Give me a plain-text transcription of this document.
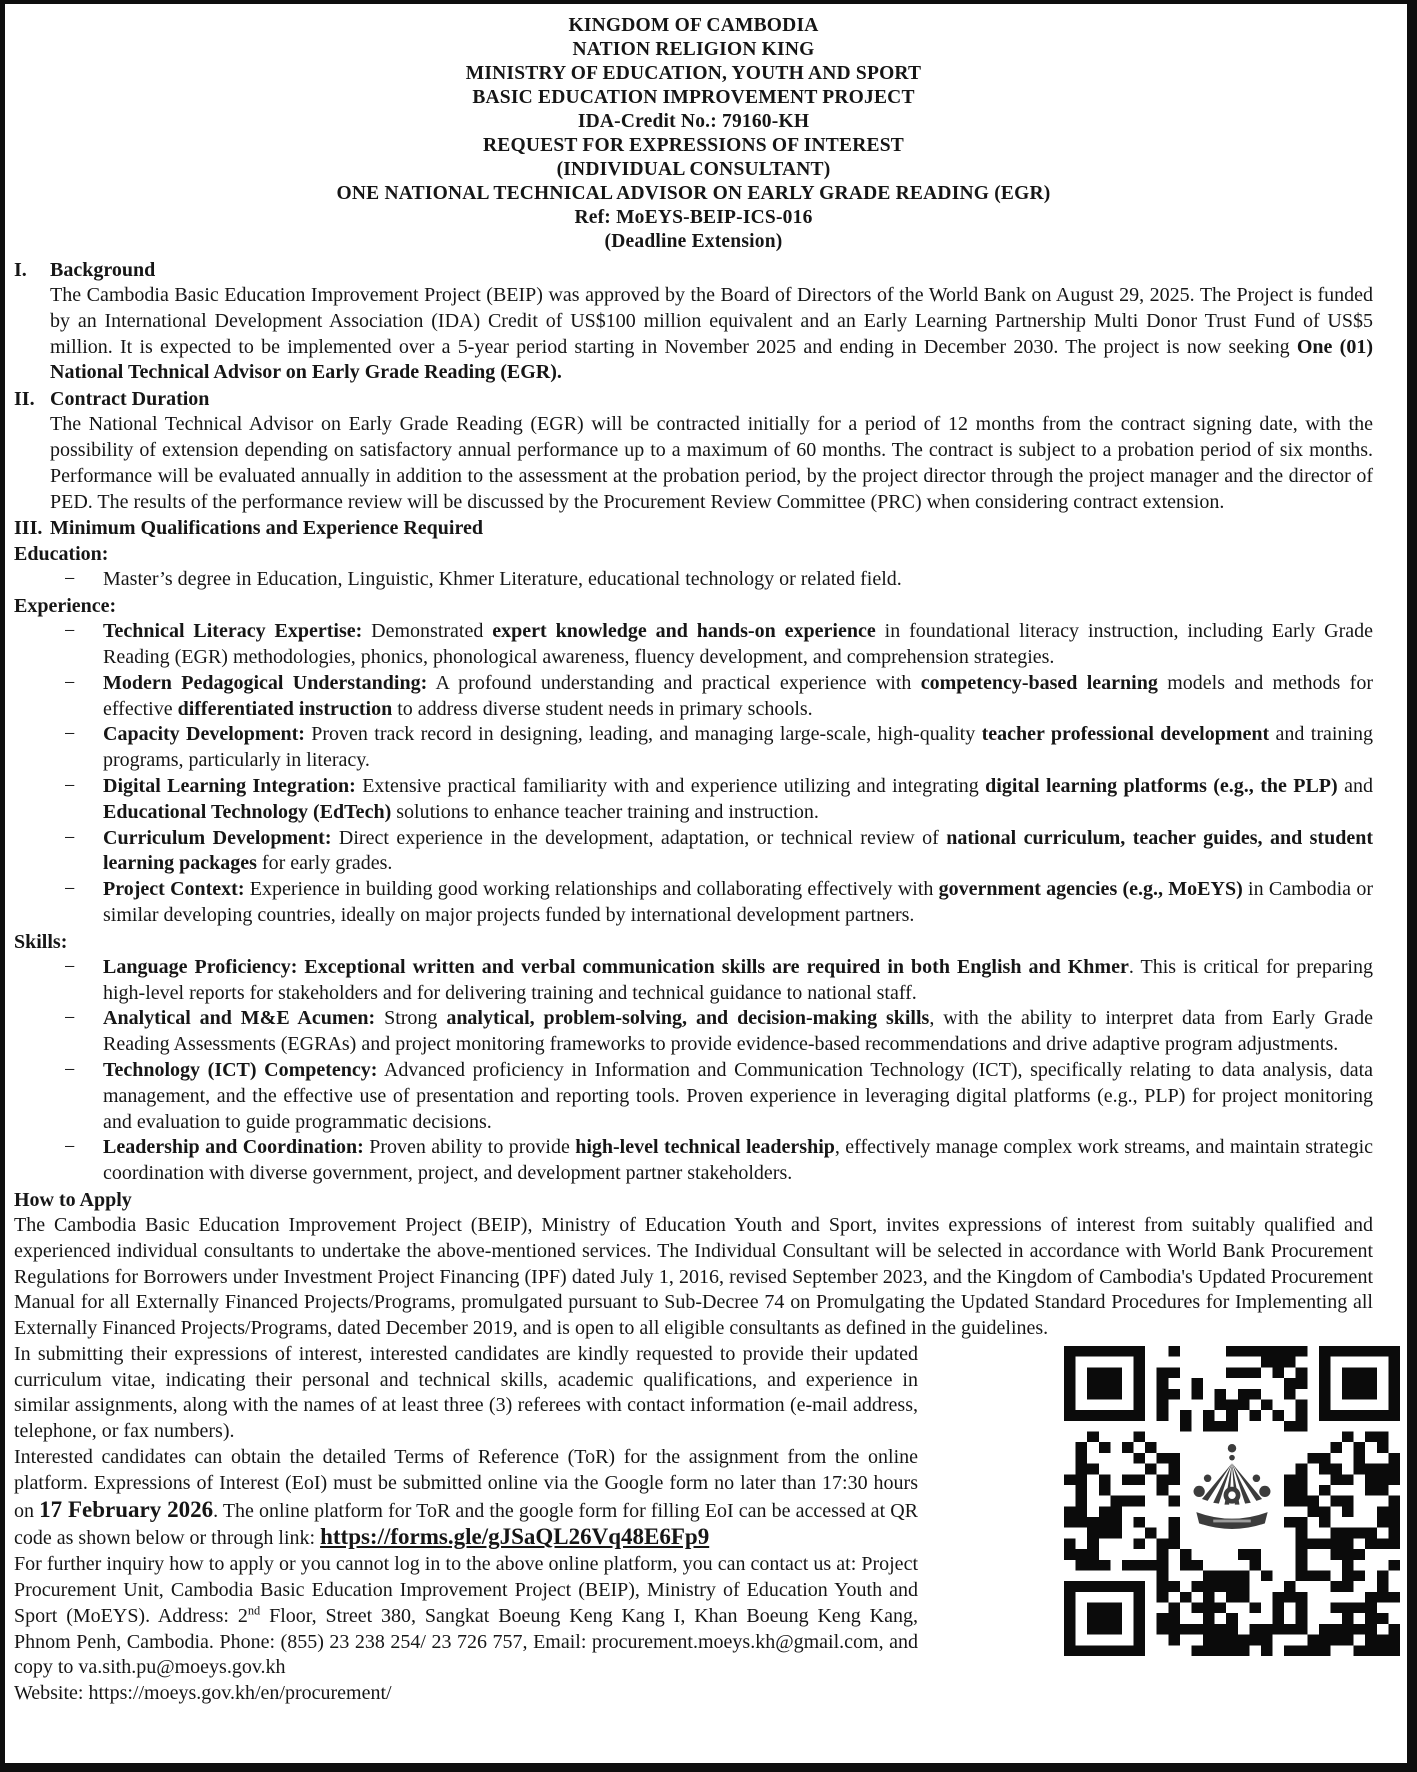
KINGDOM OF CAMBODIA
NATION RELIGION KING
MINISTRY OF EDUCATION, YOUTH AND SPORT
BASIC EDUCATION IMPROVEMENT PROJECT
IDA-Credit No.: 79160-KH
REQUEST FOR EXPRESSIONS OF INTEREST
(INDIVIDUAL CONSULTANT)
ONE NATIONAL TECHNICAL ADVISOR ON EARLY GRADE READING (EGR)
Ref: MoEYS-BEIP-ICS-016
(Deadline Extension)
I.	Background

The Cambodia Basic Education Improvement Project (BEIP) was approved by the Board of Directors of the World Bank on August 29, 2025. The Project is funded by an International Development Association (IDA) Credit of US$100 million equivalent and an Early Learning Partnership Multi Donor Trust Fund of US$5 million. It is expected to be implemented over a 5-year period starting in November 2025 and ending in December 2030. The project is now seeking One (01) National Technical Advisor on Early Grade Reading (EGR).

II. Contract Duration

The National Technical Advisor on Early Grade Reading (EGR) will be contracted initially for a period of 12 months from the contract signing date, with the possibility of extension depending on satisfactory annual performance up to a maximum of 60 months. The contract is subject to a probation period of six months. Performance will be evaluated annually in addition to the assessment at the probation period, by the project director through the project manager and the director of PED. The results of the performance review will be discussed by the Procurement Review Committee (PRC) when considering contract extension.

III. Minimum Qualifications and Experience Required
Education:
−	Master’s degree in Education, Linguistic, Khmer Literature, educational technology or related field.
Experience:
−	Technical Literacy Expertise: Demonstrated expert knowledge and hands-on experience in foundational literacy instruction, including Early Grade Reading (EGR) methodologies, phonics, phonological awareness, fluency development, and comprehension strategies.
−	Modern Pedagogical Understanding: A profound understanding and practical experience with competency-based learning models and methods for effective differentiated instruction to address diverse student needs in primary schools.
−	Capacity Development: Proven track record in designing, leading, and managing large-scale, high-quality teacher professional development and training programs, particularly in literacy.
−	Digital Learning Integration: Extensive practical familiarity with and experience utilizing and integrating digital learning platforms (e.g., the PLP) and Educational Technology (EdTech) solutions to enhance teacher training and instruction.
−	Curriculum Development: Direct experience in the development, adaptation, or technical review of national curriculum, teacher guides, and student learning packages for early grades.
−	Project Context: Experience in building good working relationships and collaborating effectively with government agencies (e.g., MoEYS) in Cambodia or similar developing countries, ideally on major projects funded by international development partners.
Skills:
−	Language Proficiency: Exceptional written and verbal communication skills are required in both English and Khmer. This is critical for preparing high-level reports for stakeholders and for delivering training and technical guidance to national staff.
−	Analytical and M&E Acumen: Strong analytical, problem-solving, and decision-making skills, with the ability to interpret data from Early Grade Reading Assessments (EGRAs) and project monitoring frameworks to provide evidence-based recommendations and drive adaptive program adjustments.
−	Technology (ICT) Competency: Advanced proficiency in Information and Communication Technology (ICT), specifically relating to data analysis, data management, and the effective use of presentation and reporting tools. Proven experience in leveraging digital platforms (e.g., PLP) for project monitoring and evaluation to guide programmatic decisions.
−	Leadership and Coordination: Proven ability to provide high-level technical leadership, effectively manage complex work streams, and maintain strategic coordination with diverse government, project, and development partner stakeholders.
How to Apply

The Cambodia Basic Education Improvement Project (BEIP), Ministry of Education Youth and Sport, invites expressions of interest from suitably qualified and experienced individual consultants to undertake the above-mentioned services. The Individual Consultant will be selected in accordance with World Bank Procurement Regulations for Borrowers under Investment Project Financing (IPF) dated July 1, 2016, revised September 2023, and the Kingdom of Cambodia's Updated Procurement Manual for all Externally Financed Projects/Programs, promulgated pursuant to Sub-Decree 74 on Promulgating the Updated Standard Procedures for Implementing all Externally Financed Projects/Programs, dated December 2019, and is open to all eligible consultants as defined in the guidelines.

In submitting their expressions of interest, interested candidates are kindly requested to provide their updated curriculum vitae, indicating their personal and technical skills, academic qualifications, and experience in similar assignments, along with the names of at least three (3) referees with contact information (e-mail address, telephone, or fax numbers).

Interested candidates can obtain the detailed Terms of Reference (ToR) for the assignment from the online platform. Expressions of Interest (EoI) must be submitted online via the Google form no later than 17:30 hours on 17 February 2026. The online platform for ToR and the google form for filling EoI can be accessed at QR code as shown below or through link: https://forms.gle/gJSaQL26Vq48E6Fp9

For further inquiry how to apply or you cannot log in to the above online platform, you can contact us at: Project Procurement Unit, Cambodia Basic Education Improvement Project (BEIP), Ministry of Education Youth and Sport (MoEYS). Address: 2nd Floor, Street 380, Sangkat Boeung Keng Kang I, Khan Boeung Keng Kang, Phnom Penh, Cambodia. Phone: (855) 23 238 254/ 23 726 757, Email: procurement.moeys.kh@gmail.com, and copy to va.sith.pu@moeys.gov.kh

Website: https://moeys.gov.kh/en/procurement/
